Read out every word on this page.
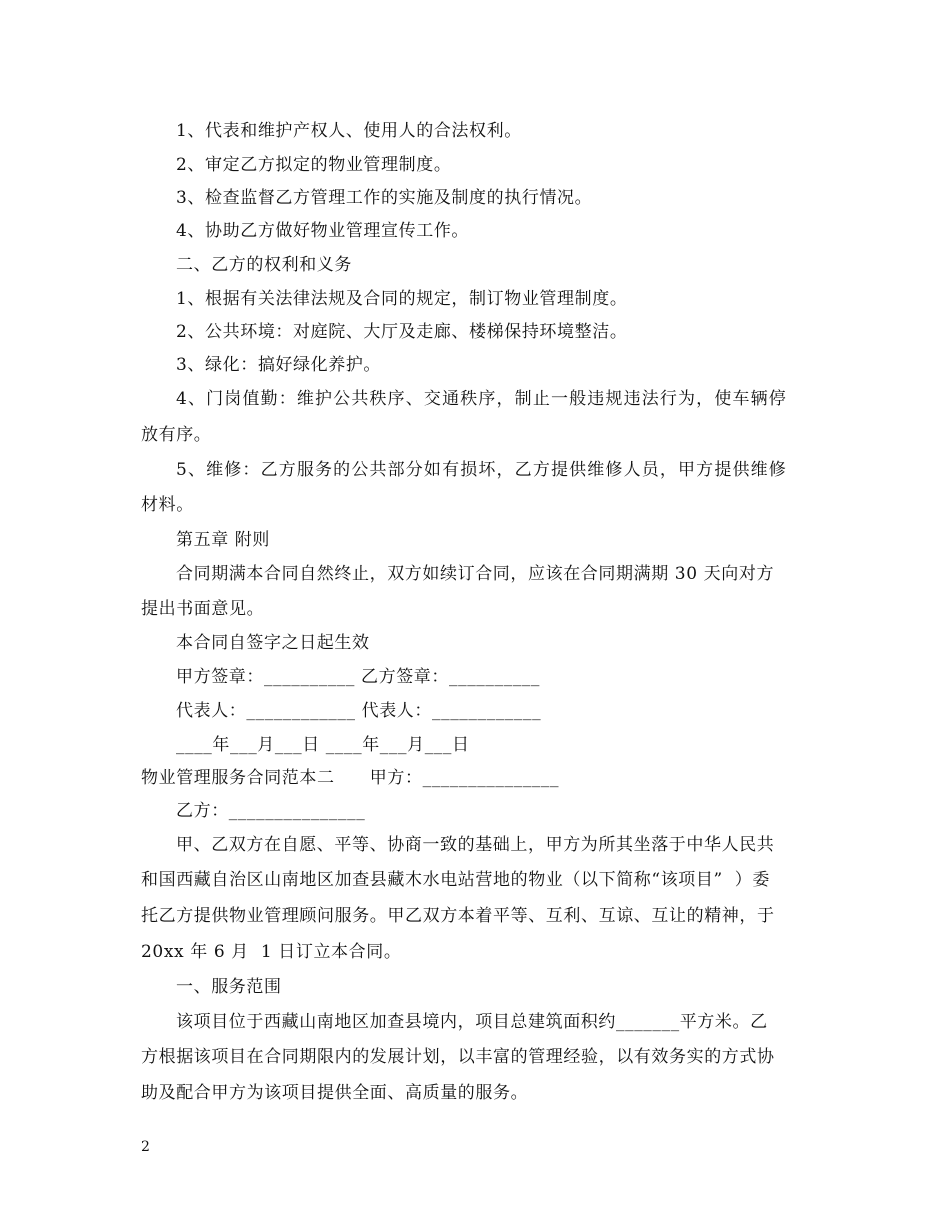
1、代表和维护产权人、使用人的合法权利。
2、审定乙方拟定的物业管理制度。
3、检查监督乙方管理工作的实施及制度的执行情况。
4、协助乙方做好物业管理宣传工作。
二、乙方的权利和义务
1、根据有关法律法规及合同的规定，制订物业管理制度。
2、公共环境：对庭院、大厅及走廊、楼梯保持环境整洁。
3、绿化：搞好绿化养护。
4、门岗值勤：维护公共秩序、交通秩序，制止一般违规违法行为，使车辆停
放有序。
5、维修：乙方服务的公共部分如有损坏，乙方提供维修人员，甲方提供维修
材料。
第五章 附则
合同期满本合同自然终止，双方如续订合同，应该在合同期满期 30 天向对方
提出书面意见。
本合同自签字之日起生效
甲方签章：__________ 乙方签章：__________
代表人：____________ 代表人：____________
____年___月___日 ____年___月___日
物业管理服务合同范本二　　甲方：_______________
乙方：_______________
甲、乙双方在自愿、平等、协商一致的基础上，甲方为所其坐落于中华人民共
和国西藏自治区山南地区加查县藏木水电站营地的物业（以下简称“该项目”  ）委
托乙方提供物业管理顾问服务。甲乙双方本着平等、互利、互谅、互让的精神，于
20xx 年 6 月  1 日订立本合同。
一、服务范围
该项目位于西藏山南地区加查县境内，项目总建筑面积约_______平方米。乙
方根据该项目在合同期限内的发展计划，以丰富的管理经验，以有效务实的方式协
助及配合甲方为该项目提供全面、高质量的服务。
2
